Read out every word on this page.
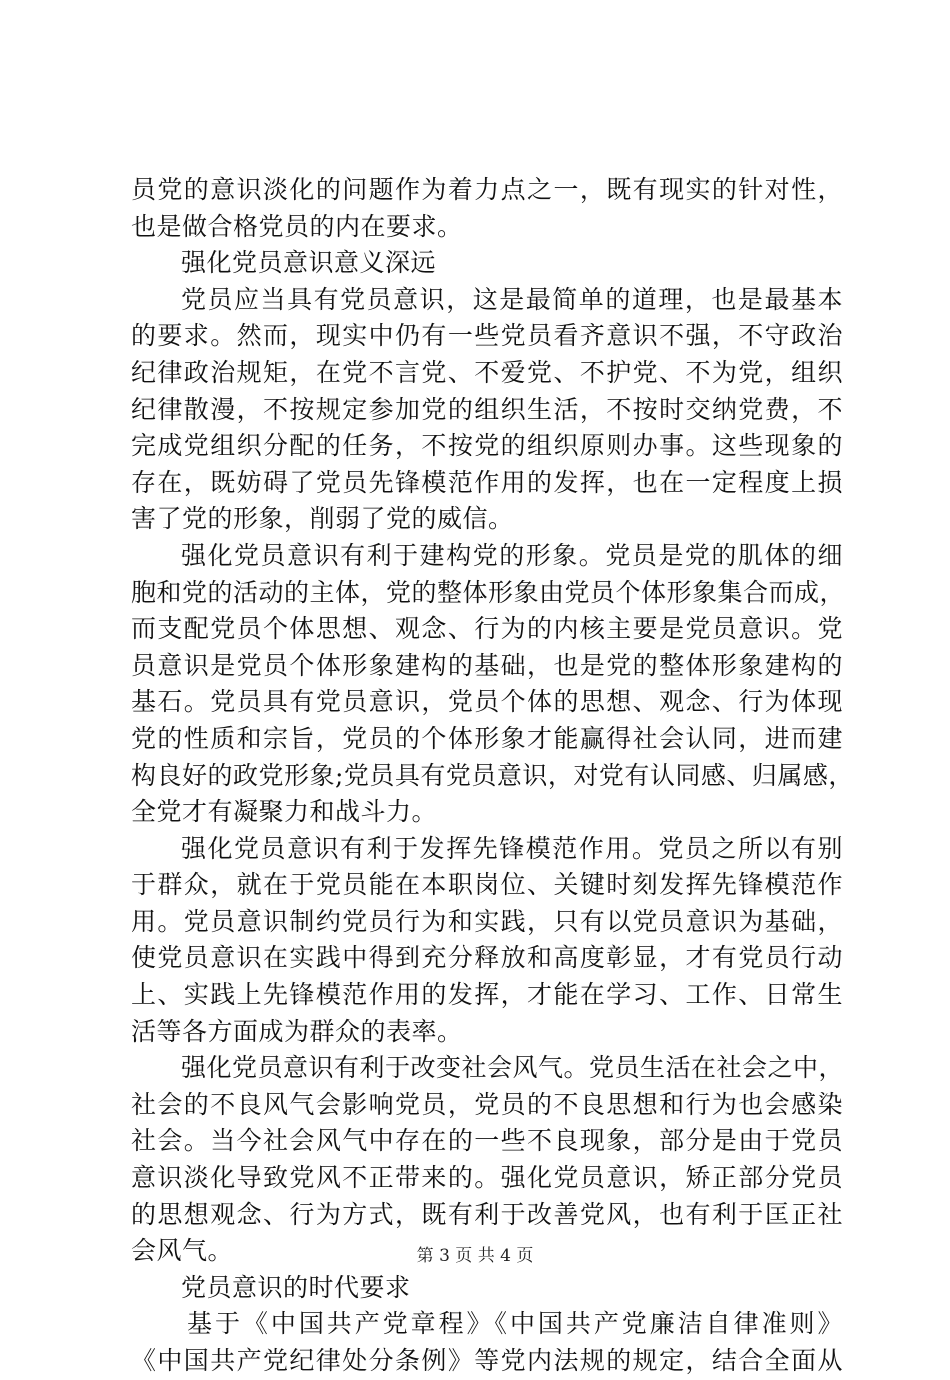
员党的意识淡化的问题作为着力点之一，既有现实的针对性，
也是做合格党员的内在要求。
强化党员意识意义深远
党员应当具有党员意识，这是最简单的道理，也是最基本
的要求。然而，现实中仍有一些党员看齐意识不强，不守政治
纪律政治规矩，在党不言党、不爱党、不护党、不为党，组织
纪律散漫，不按规定参加党的组织生活，不按时交纳党费，不
完成党组织分配的任务，不按党的组织原则办事。这些现象的
存在，既妨碍了党员先锋模范作用的发挥，也在一定程度上损
害了党的形象，削弱了党的威信。
强化党员意识有利于建构党的形象。党员是党的肌体的细
胞和党的活动的主体，党的整体形象由党员个体形象集合而成，
而支配党员个体思想、观念、行为的内核主要是党员意识。党
员意识是党员个体形象建构的基础，也是党的整体形象建构的
基石。党员具有党员意识，党员个体的思想、观念、行为体现
党的性质和宗旨，党员的个体形象才能赢得社会认同，进而建
构良好的政党形象;党员具有党员意识，对党有认同感、归属感，
全党才有凝聚力和战斗力。
强化党员意识有利于发挥先锋模范作用。党员之所以有别
于群众，就在于党员能在本职岗位、关键时刻发挥先锋模范作
用。党员意识制约党员行为和实践，只有以党员意识为基础，
使党员意识在实践中得到充分释放和高度彰显，才有党员行动
上、实践上先锋模范作用的发挥，才能在学习、工作、日常生
活等各方面成为群众的表率。
强化党员意识有利于改变社会风气。党员生活在社会之中，
社会的不良风气会影响党员，党员的不良思想和行为也会感染
社会。当今社会风气中存在的一些不良现象，部分是由于党员
意识淡化导致党风不正带来的。强化党员意识，矫正部分党员
的思想观念、行为方式，既有利于改善党风，也有利于匡正社
会风气。
党员意识的时代要求
基于《中国共产党章程》《中国共产党廉洁自律准则》
《中国共产党纪律处分条例》等党内法规的规定，结合全面从
第 3 页 共 4 页
